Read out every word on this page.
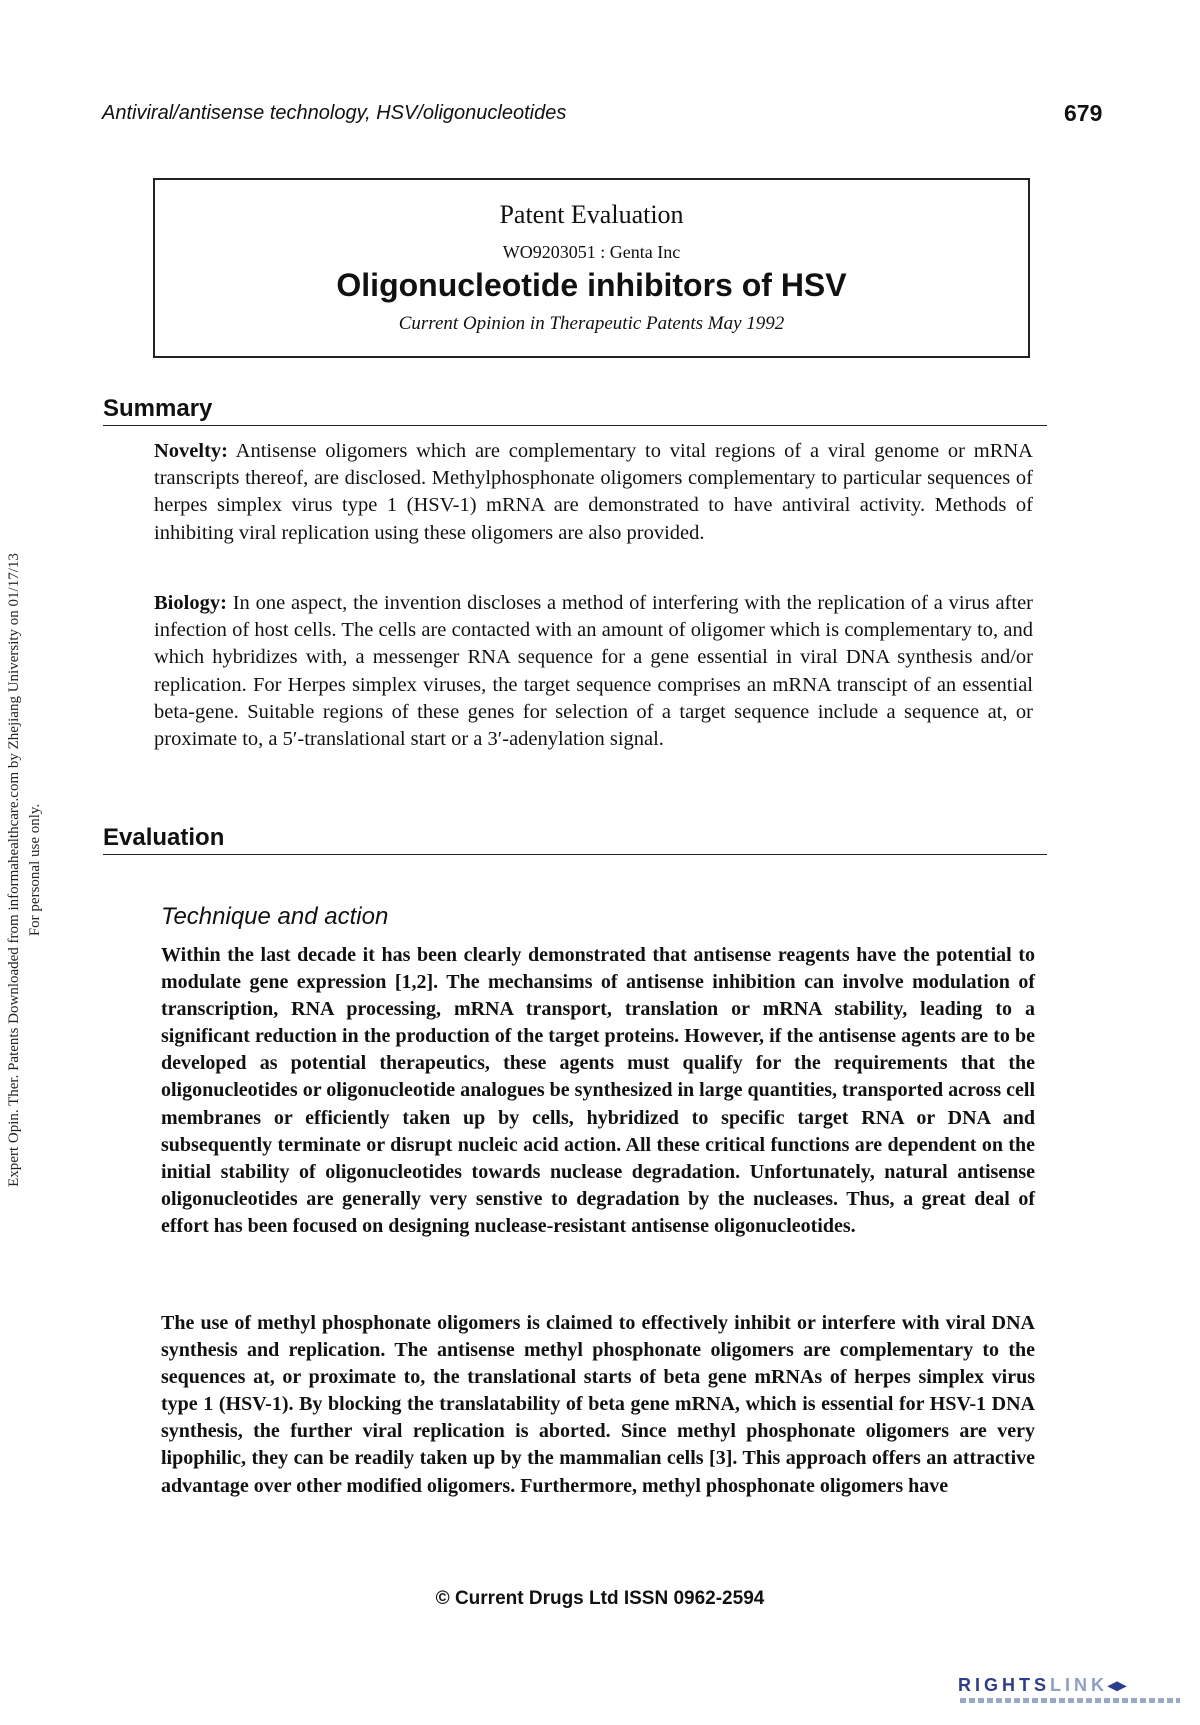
Antiviral/antisense technology, HSV/oligonucleotides	679
Expert Opin. Ther. Patents Downloaded from informahealthcare.com by Zhejiang University on 01/17/13 For personal use only.
Patent Evaluation
WO9203051 : Genta Inc
Oligonucleotide inhibitors of HSV
Current Opinion in Therapeutic Patents May 1992
Summary

Novelty: Antisense oligomers which are complementary to vital regions of a viral genome or mRNA transcripts thereof, are disclosed. Methylphosphonate oligomers complementary to particular sequences of herpes simplex virus type 1 (HSV-1) mRNA are demonstrated to have antiviral activity. Methods of inhibiting viral replication using these oligomers are also provided.

Biology: In one aspect, the invention discloses a method of interfering with the replication of a virus after infection of host cells. The cells are contacted with an amount of oligomer which is complementary to, and which hybridizes with, a messenger RNA sequence for a gene essential in viral DNA synthesis and/or replication. For Herpes simplex viruses, the target sequence comprises an mRNA transcipt of an essential beta-gene. Suitable regions of these genes for selection of a target sequence include a sequence at, or proximate to, a 5′-translational start or a 3′-adenylation signal.

Evaluation
Technique and action

Within the last decade it has been clearly demonstrated that antisense reagents have the potential to modulate gene expression [1,2]. The mechansims of antisense inhibition can involve modulation of transcription, RNA processing, mRNA transport, translation or mRNA stability, leading to a significant reduction in the production of the target proteins. However, if the antisense agents are to be developed as potential therapeutics, these agents must qualify for the requirements that the oligonucleotides or oligonucleotide analogues be synthesized in large quantities, transported across cell membranes or efficiently taken up by cells, hybridized to specific target RNA or DNA and subsequently terminate or disrupt nucleic acid action. All these critical functions are dependent on the initial stability of oligonucleotides towards nuclease degradation. Unfortunately, natural antisense oligonucleotides are generally very senstive to degradation by the nucleases. Thus, a great deal of effort has been focused on designing nuclease-resistant antisense oligonucleotides.

The use of methyl phosphonate oligomers is claimed to effectively inhibit or interfere with viral DNA synthesis and replication. The antisense methyl phosphonate oligomers are complementary to the sequences at, or proximate to, the translational starts of beta gene mRNAs of herpes simplex virus type 1 (HSV-1). By blocking the translatability of beta gene mRNA, which is essential for HSV-1 DNA synthesis, the further viral replication is aborted. Since methyl phosphonate oligomers are very lipophilic, they can be readily taken up by the mammalian cells [3]. This approach offers an attractive advantage over other modified oligomers. Furthermore, methyl phosphonate oligomers have

© Current Drugs Ltd ISSN 0962-2594
RIGHTSLINK◂▸
